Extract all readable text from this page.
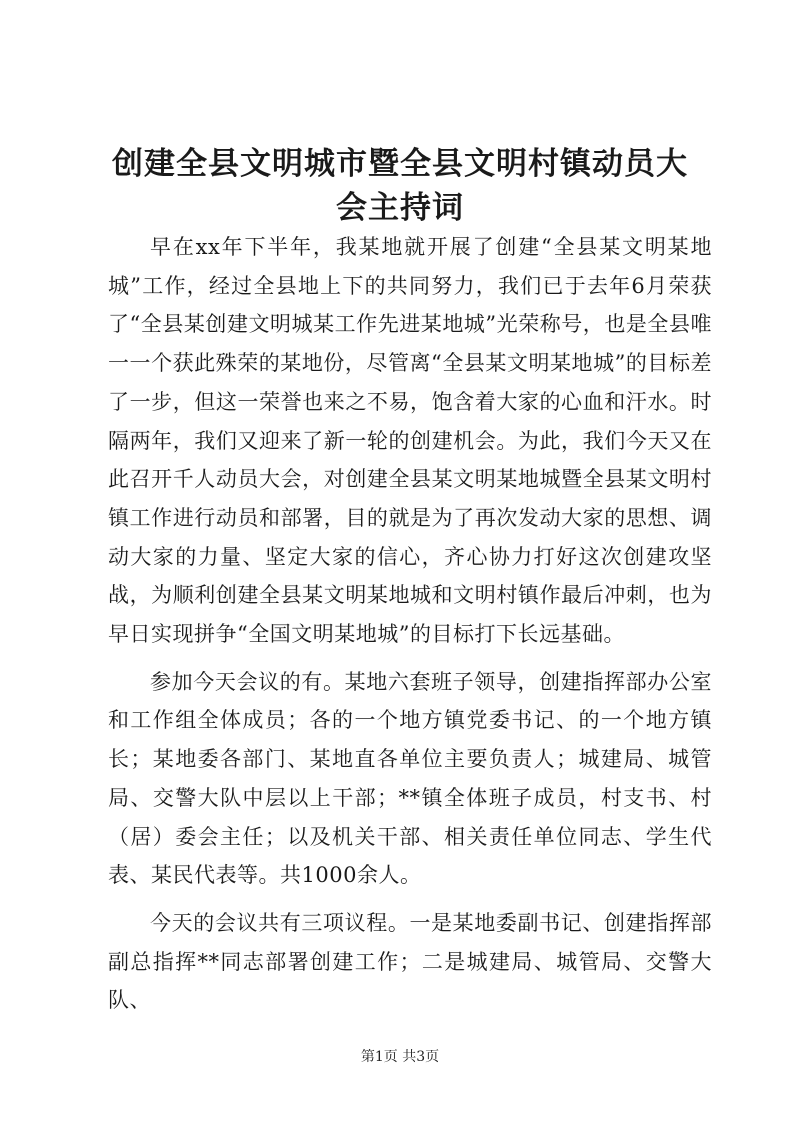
创建全县文明城市暨全县文明村镇动员大会主持词

早在xx年下半年，我某地就开展了创建“全县某文明某地城”工作，经过全县地上下的共同努力，我们已于去年6月荣获了“全县某创建文明城某工作先进某地城”光荣称号，也是全县唯一一个获此殊荣的某地份，尽管离“全县某文明某地城”的目标差了一步，但这一荣誉也来之不易，饱含着大家的心血和汗水。时隔两年，我们又迎来了新一轮的创建机会。为此，我们今天又在此召开千人动员大会，对创建全县某文明某地城暨全县某文明村镇工作进行动员和部署，目的就是为了再次发动大家的思想、调动大家的力量、坚定大家的信心，齐心协力打好这次创建攻坚战，为顺利创建全县某文明某地城和文明村镇作最后冲刺，也为早日实现拼争“全国文明某地城”的目标打下长远基础。

参加今天会议的有。某地六套班子领导，创建指挥部办公室和工作组全体成员；各的一个地方镇党委书记、的一个地方镇长；某地委各部门、某地直各单位主要负责人；城建局、城管局、交警大队中层以上干部；**镇全体班子成员，村支书、村（居）委会主任；以及机关干部、相关责任单位同志、学生代表、某民代表等。共1000余人。

今天的会议共有三项议程。一是某地委副书记、创建指挥部副总指挥**同志部署创建工作；二是城建局、城管局、交警大队、

第1页 共3页
